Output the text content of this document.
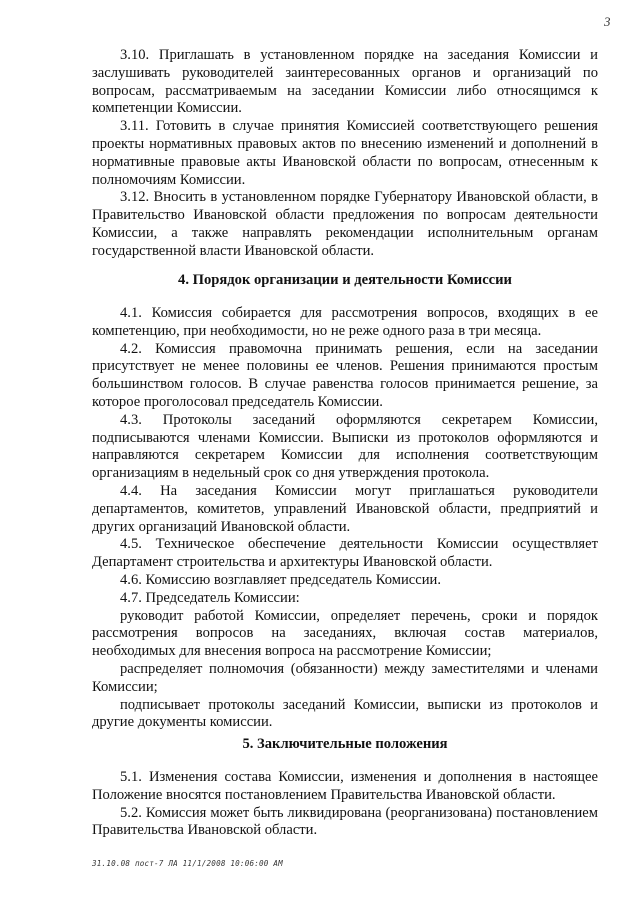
3

3.10. Приглашать в установленном порядке на заседания Комиссии и заслушивать руководителей заинтересованных органов и организаций по вопросам, рассматриваемым на заседании Комиссии либо относящимся к компетенции Комиссии.

3.11. Готовить в случае принятия Комиссией соответствующего решения проекты нормативных правовых актов по внесению изменений и дополнений в нормативные правовые акты Ивановской области по вопросам, отнесенным к полномочиям Комиссии.

3.12. Вносить в установленном порядке Губернатору Ивановской области, в Правительство Ивановской области предложения по вопросам деятельности Комиссии, а также направлять рекомендации исполнительным органам государственной власти Ивановской области.

4. Порядок организации и деятельности Комиссии

4.1. Комиссия собирается для рассмотрения вопросов, входящих в ее компетенцию, при необходимости, но не реже одного раза в три месяца.

4.2. Комиссия правомочна принимать решения, если на заседании присутствует не менее половины ее членов. Решения принимаются простым большинством голосов. В случае равенства голосов принимается решение, за которое проголосовал председатель Комиссии.

4.3. Протоколы заседаний оформляются секретарем Комиссии, подписываются членами Комиссии. Выписки из протоколов оформляются и направляются секретарем Комиссии для исполнения соответствующим организациям в недельный срок со дня утверждения протокола.

4.4. На заседания Комиссии могут приглашаться руководители департаментов, комитетов, управлений Ивановской области, предприятий и других организаций Ивановской области.

4.5. Техническое обеспечение деятельности Комиссии осуществляет Департамент строительства и архитектуры Ивановской области.

4.6. Комиссию возглавляет председатель Комиссии.

4.7. Председатель Комиссии:

руководит работой Комиссии, определяет перечень, сроки и порядок рассмотрения вопросов на заседаниях, включая состав материалов, необходимых для внесения вопроса на рассмотрение Комиссии;

распределяет полномочия (обязанности) между заместителями и членами Комиссии;

подписывает протоколы заседаний Комиссии, выписки из протоколов и другие документы комиссии.

5. Заключительные положения

5.1. Изменения состава Комиссии, изменения и дополнения в настоящее Положение вносятся постановлением Правительства Ивановской области.

5.2. Комиссия может быть ликвидирована (реорганизована) постановлением Правительства Ивановской области.

31.10.08 пост-7 ЛА 11/1/2008 10:06:00 AM
